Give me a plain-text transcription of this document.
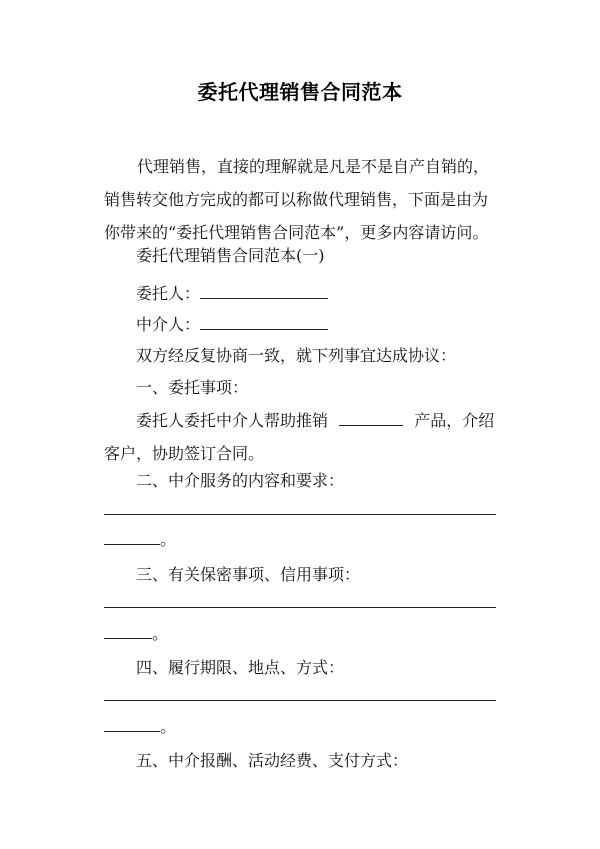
委托代理销售合同范本
代理销售，直接的理解就是凡是不是自产自销的，销售转交他方完成的都可以称做代理销售，下面是由为你带来的“委托代理销售合同范本”，更多内容请访问。
委托代理销售合同范本(一)
委托人：
中介人：
双方经反复协商一致，就下列事宜达成协议：
一、委托事项：
委托人委托中介人帮助推销	产品，介绍客户，协助签订合同。
二、中介服务的内容和要求：
。
三、有关保密事项、信用事项：
。
四、履行期限、地点、方式：
。
五、中介报酬、活动经费、支付方式：
